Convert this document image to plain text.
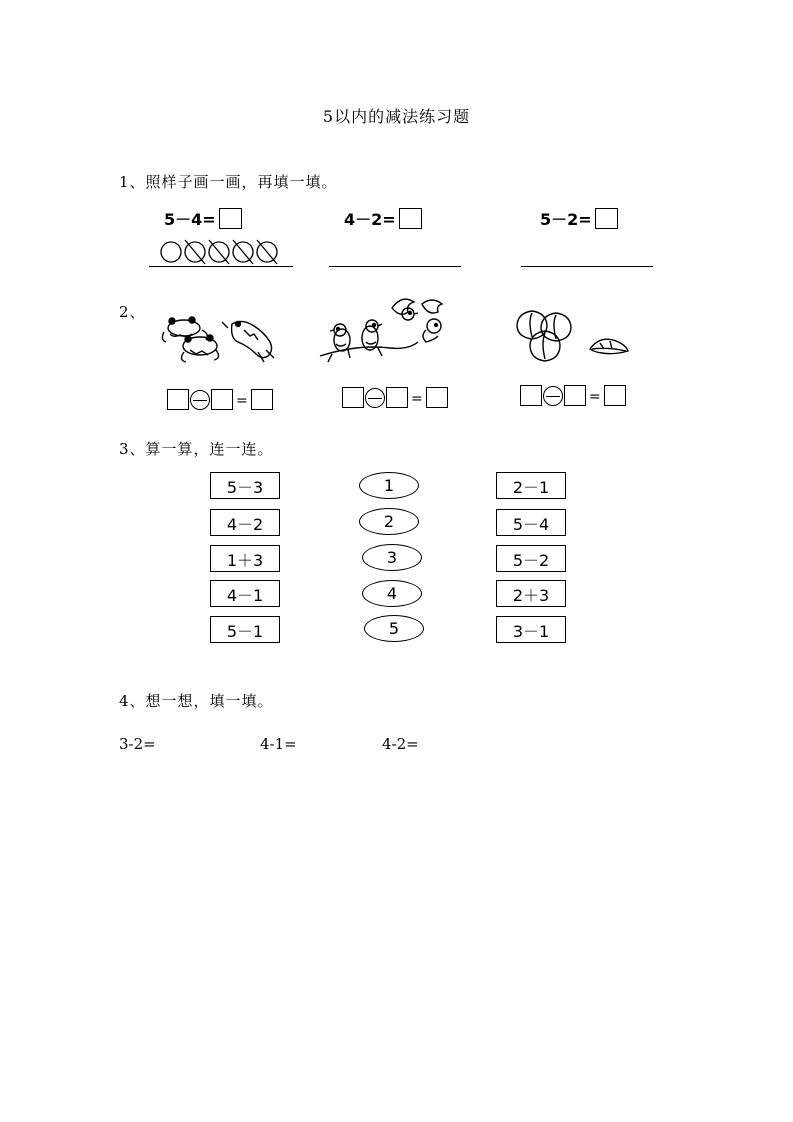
5以内的减法练习题
1、照样子画一画，再填一填。
5－4=	4－2=	5－2=
2、
=	=	=
3、算一算，连一连。
5－3
4－2
1＋3
4－1
5－1
1
2
3
4
5
2－1
5－4
5－2
2＋3
3－1
4、想一想，填一填。
3-2=	4-1=	4-2=
